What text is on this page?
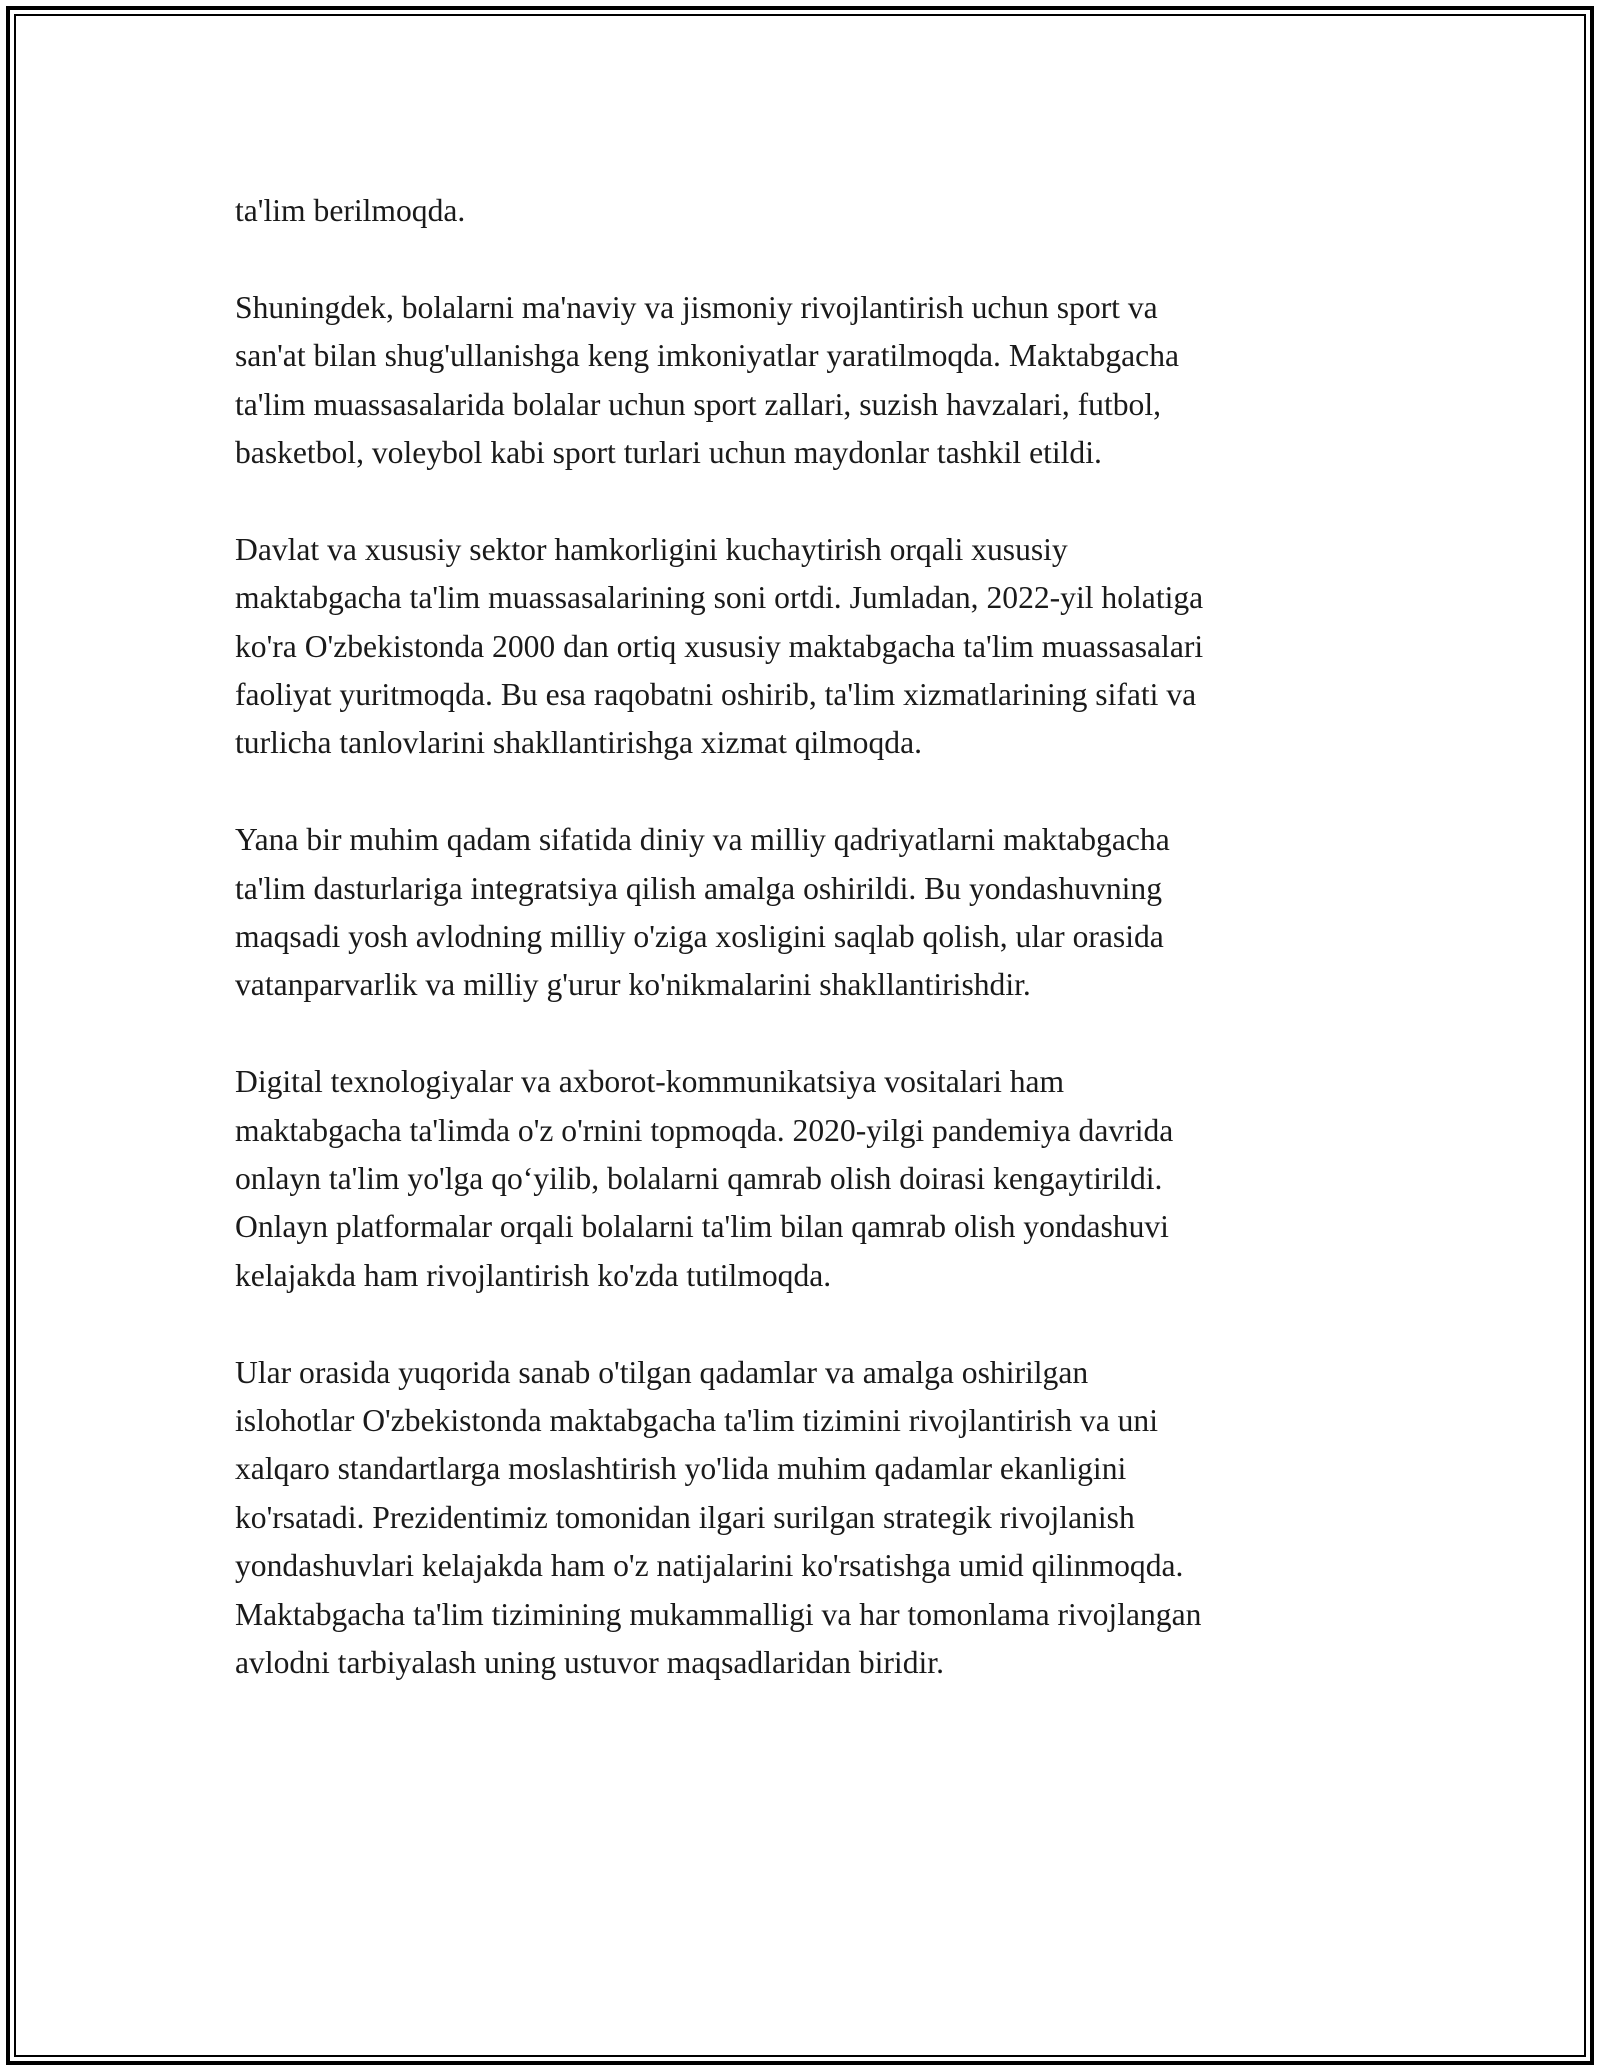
ta'lim berilmoqda.

Shuningdek, bolalarni ma'naviy va jismoniy rivojlantirish uchun sport va
san'at bilan shug'ullanishga keng imkoniyatlar yaratilmoqda. Maktabgacha
ta'lim muassasalarida bolalar uchun sport zallari, suzish havzalari, futbol,
basketbol, voleybol kabi sport turlari uchun maydonlar tashkil etildi.

Davlat va xususiy sektor hamkorligini kuchaytirish orqali xususiy
maktabgacha ta'lim muassasalarining soni ortdi. Jumladan, 2022-yil holatiga
ko'ra O'zbekistonda 2000 dan ortiq xususiy maktabgacha ta'lim muassasalari
faoliyat yuritmoqda. Bu esa raqobatni oshirib, ta'lim xizmatlarining sifati va
turlicha tanlovlarini shakllantirishga xizmat qilmoqda.

Yana bir muhim qadam sifatida diniy va milliy qadriyatlarni maktabgacha
ta'lim dasturlariga integratsiya qilish amalga oshirildi. Bu yondashuvning
maqsadi yosh avlodning milliy o'ziga xosligini saqlab qolish, ular orasida
vatanparvarlik va milliy g'urur ko'nikmalarini shakllantirishdir.

Digital texnologiyalar va axborot-kommunikatsiya vositalari ham
maktabgacha ta'limda o'z o'rnini topmoqda. 2020-yilgi pandemiya davrida
onlayn ta'lim yo'lga qo‘yilib, bolalarni qamrab olish doirasi kengaytirildi.
Onlayn platformalar orqali bolalarni ta'lim bilan qamrab olish yondashuvi
kelajakda ham rivojlantirish ko'zda tutilmoqda.

Ular orasida yuqorida sanab o'tilgan qadamlar va amalga oshirilgan
islohotlar O'zbekistonda maktabgacha ta'lim tizimini rivojlantirish va uni
xalqaro standartlarga moslashtirish yo'lida muhim qadamlar ekanligini
ko'rsatadi. Prezidentimiz tomonidan ilgari surilgan strategik rivojlanish
yondashuvlari kelajakda ham o'z natijalarini ko'rsatishga umid qilinmoqda.
Maktabgacha ta'lim tizimining mukammalligi va har tomonlama rivojlangan
avlodni tarbiyalash uning ustuvor maqsadlaridan biridir.
